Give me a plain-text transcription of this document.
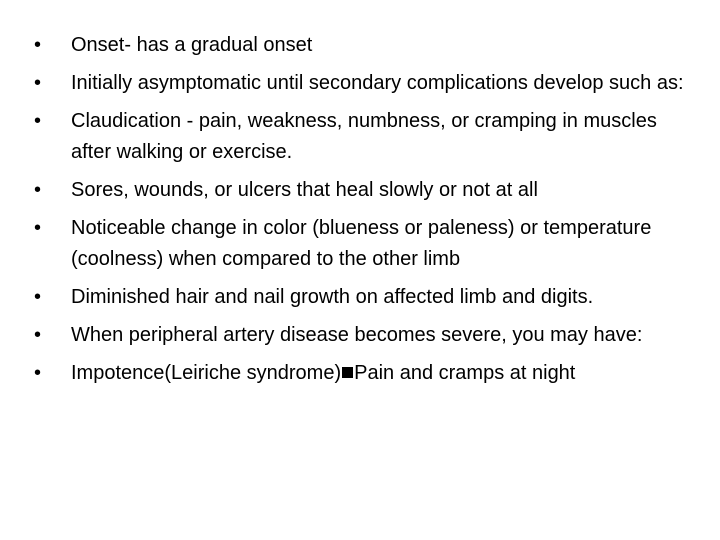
•	Onset- has a gradual onset
•	Initially asymptomatic until secondary complications develop such as:
•	Claudication - pain, weakness, numbness, or cramping in muscles after walking or exercise.
•	Sores, wounds, or ulcers that heal slowly or not at all
•	Noticeable change in color (blueness or paleness) or temperature (coolness) when compared to the other limb
•	Diminished hair and nail growth on affected limb and digits.
•	When peripheral artery disease becomes severe, you may have:
•	Impotence(Leiriche syndrome) Pain and cramps at night
